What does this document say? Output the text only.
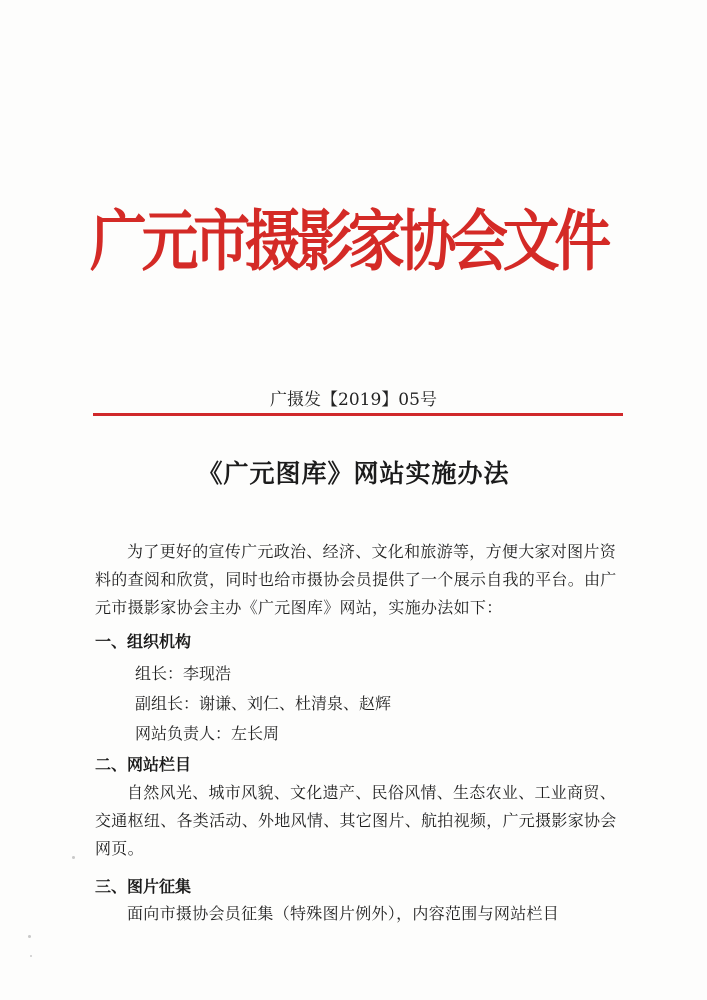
广元市摄影家协会文件
广摄发【2019】05号
《广元图库》网站实施办法
为了更好的宣传广元政治、经济、文化和旅游等，方便大家对图片资料的查阅和欣赏，同时也给市摄协会员提供了一个展示自我的平台。由广元市摄影家协会主办《广元图库》网站，实施办法如下：
一、组织机构
组长：李现浩
副组长：谢谦、刘仁、杜清泉、赵辉
网站负责人：左长周
二、网站栏目
自然风光、城市风貌、文化遗产、民俗风情、生态农业、工业商贸、交通枢纽、各类活动、外地风情、其它图片、航拍视频，广元摄影家协会网页。
三、图片征集
面向市摄协会员征集（特殊图片例外），内容范围与网站栏目
